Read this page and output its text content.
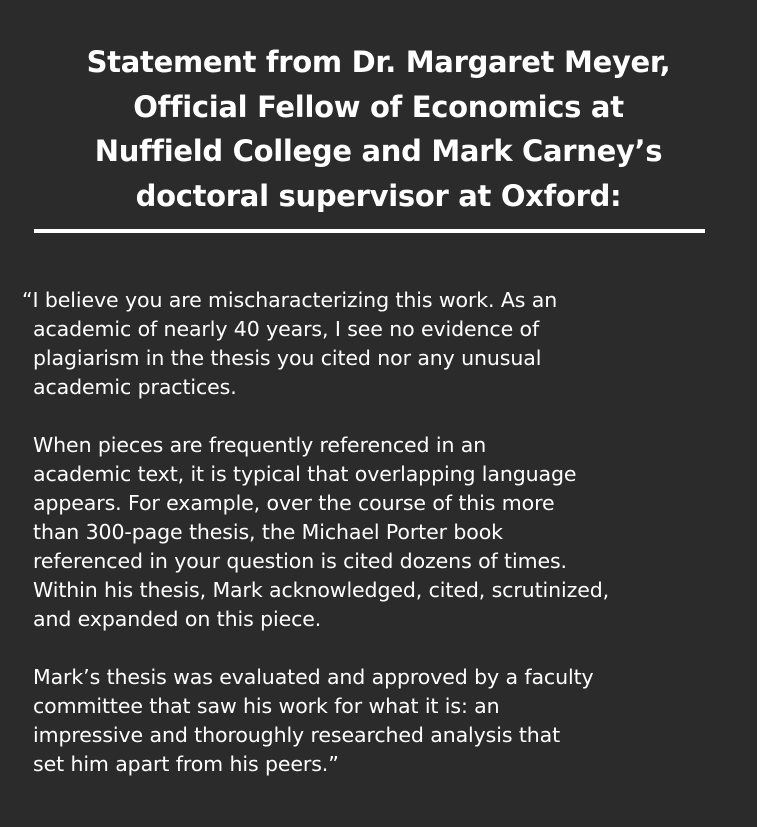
Statement from Dr. Margaret Meyer,
Official Fellow of Economics at
Nuffield College and Mark Carney’s
doctoral supervisor at Oxford:

“I believe you are mischaracterizing this work. As an
academic of nearly 40 years, I see no evidence of
plagiarism in the thesis you cited nor any unusual
academic practices.

When pieces are frequently referenced in an
academic text, it is typical that overlapping language
appears. For example, over the course of this more
than 300-page thesis, the Michael Porter book
referenced in your question is cited dozens of times.
Within his thesis, Mark acknowledged, cited, scrutinized,
and expanded on this piece.

Mark’s thesis was evaluated and approved by a faculty
committee that saw his work for what it is: an
impressive and thoroughly researched analysis that
set him apart from his peers.”
